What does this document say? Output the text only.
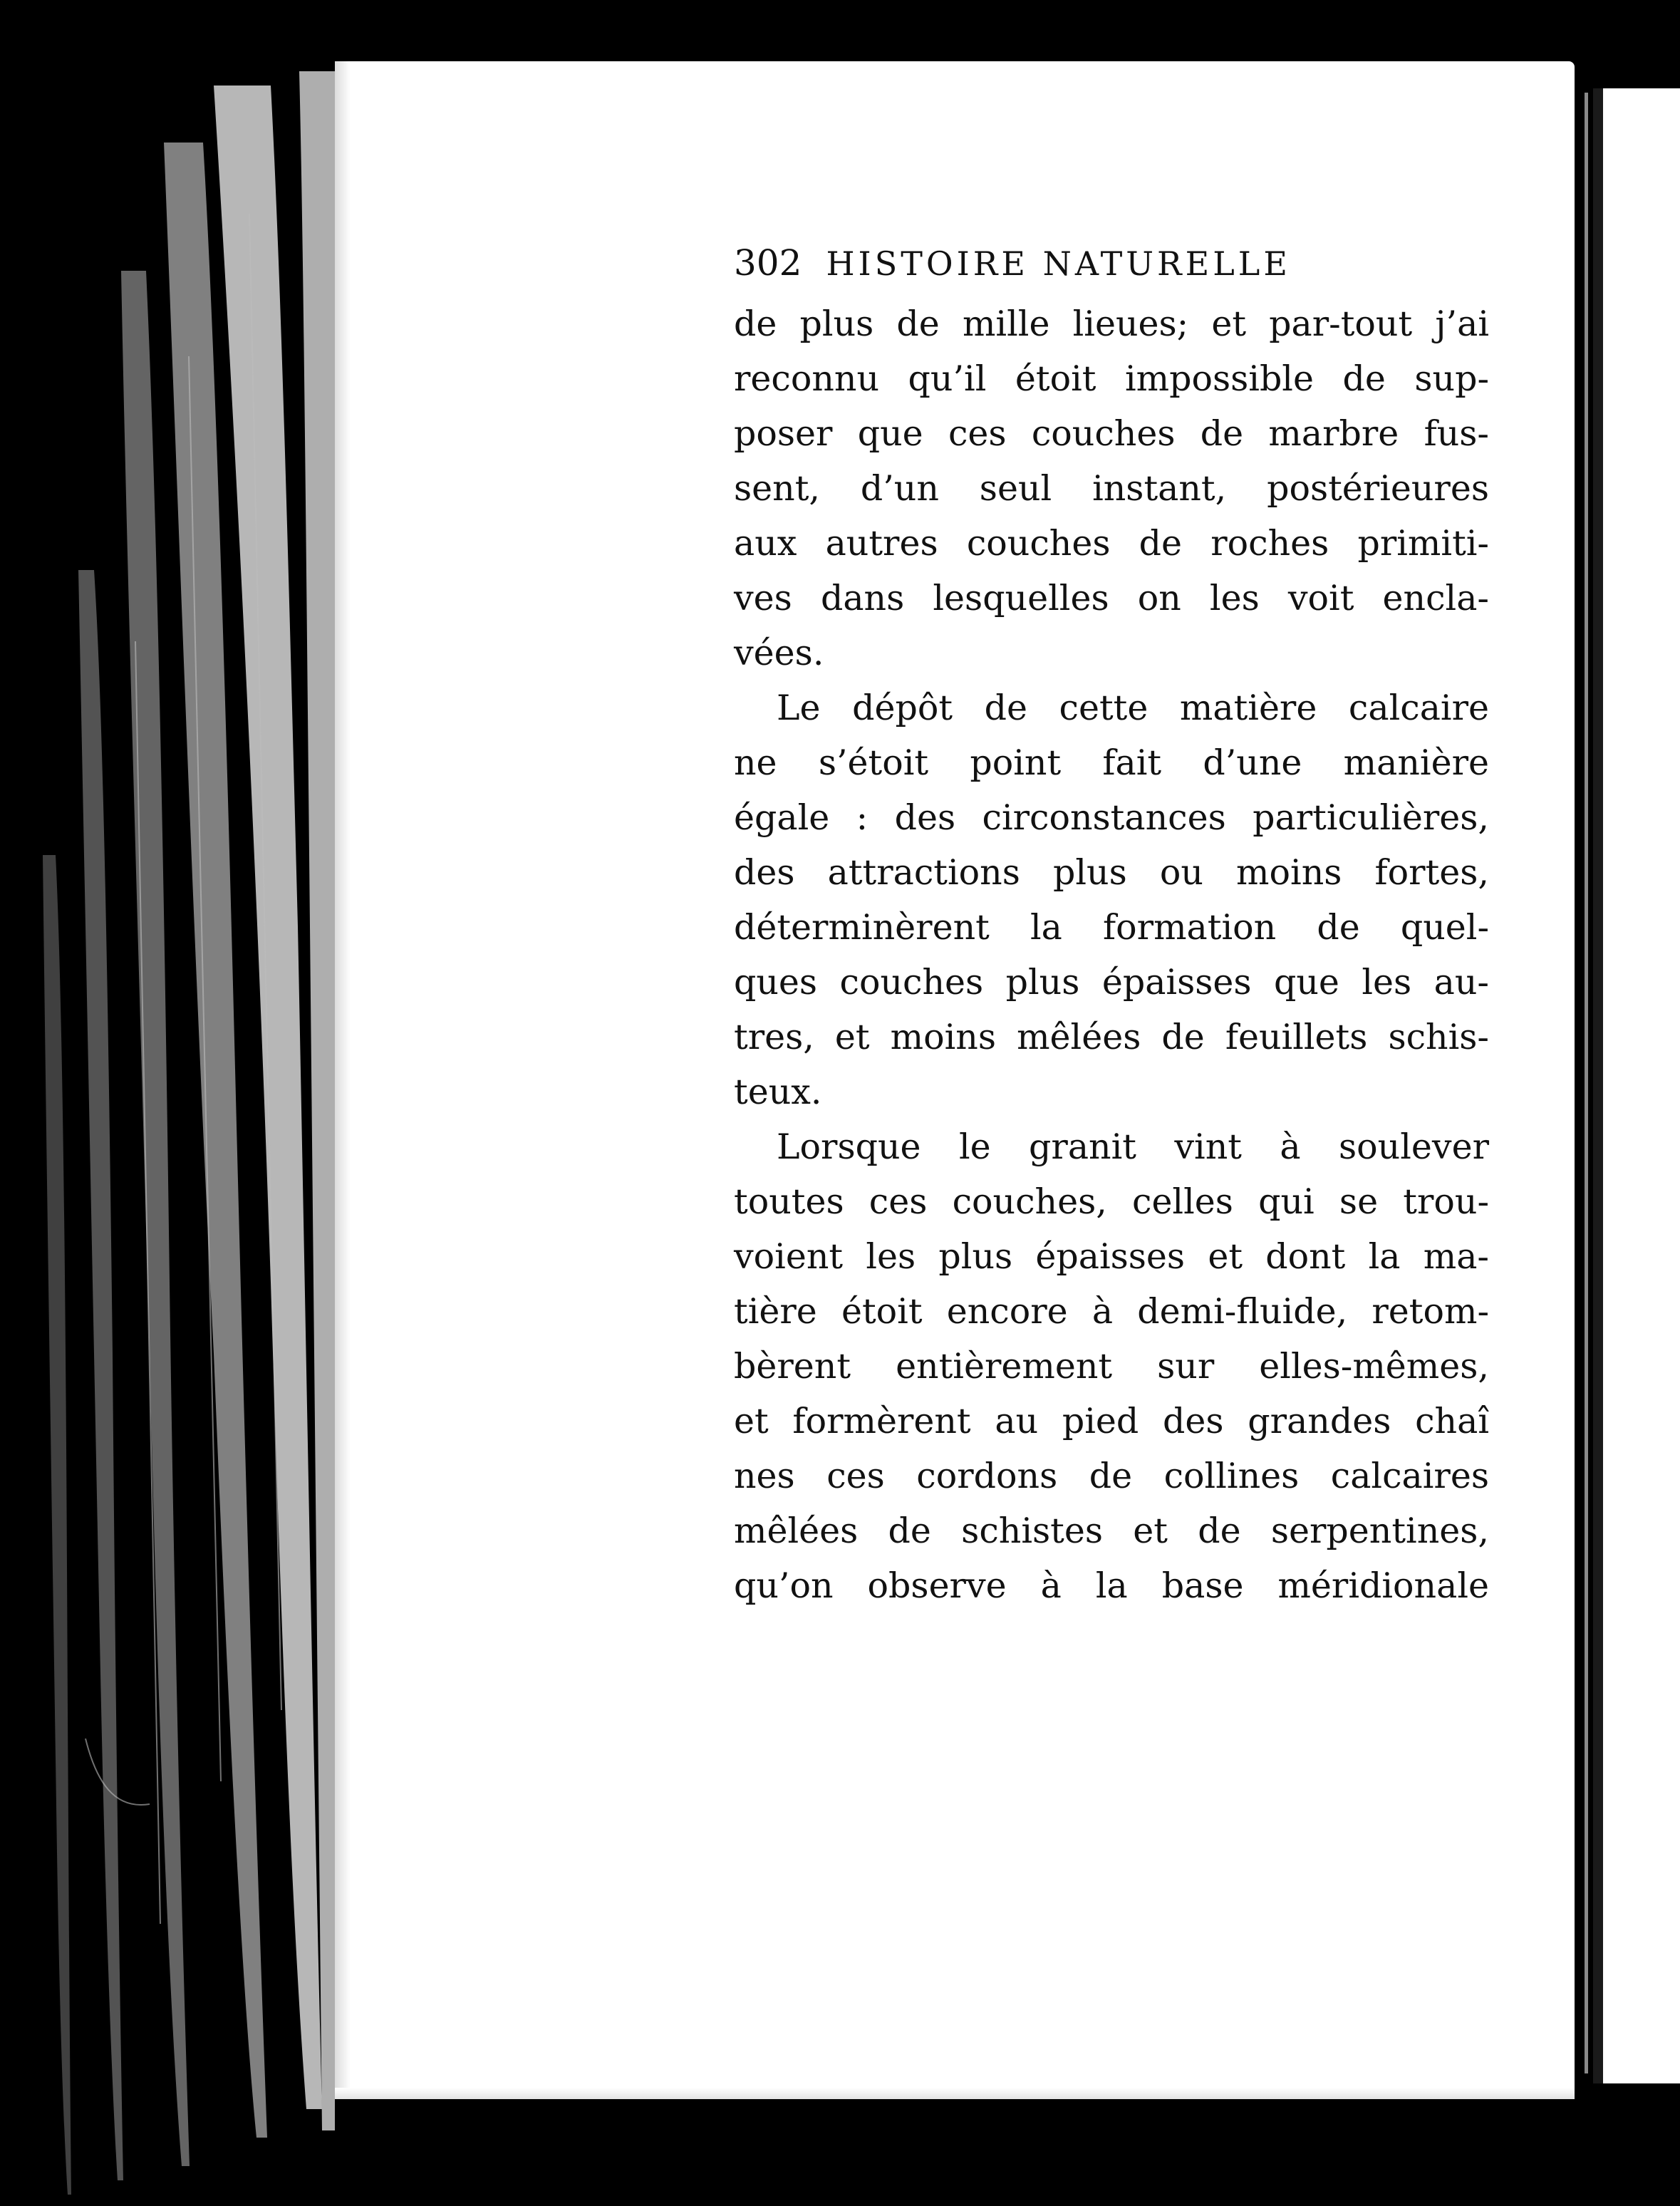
302 HISTOIRE NATURELLE
de plus de mille lieues; et par-tout j’ai
reconnu qu’il étoit impossible de sup-
poser que ces couches de marbre fus-
sent, d’un seul instant, postérieures
aux autres couches de roches primiti-
ves dans lesquelles on les voit encla-
vées.
Le dépôt de cette matière calcaire
ne s’étoit point fait d’une manière
égale : des circonstances particulières,
des attractions plus ou moins fortes,
déterminèrent la formation de quel-
ques couches plus épaisses que les au-
tres, et moins mêlées de feuillets schis-
teux.
Lorsque le granit vint à soulever
toutes ces couches, celles qui se trou-
voient les plus épaisses et dont la ma-
tière étoit encore à demi-fluide, retom-
bèrent entièrement sur elles-mêmes,
et formèrent au pied des grandes chaî
nes ces cordons de collines calcaires
mêlées de schistes et de serpentines,
qu’on observe à la base méridionale
